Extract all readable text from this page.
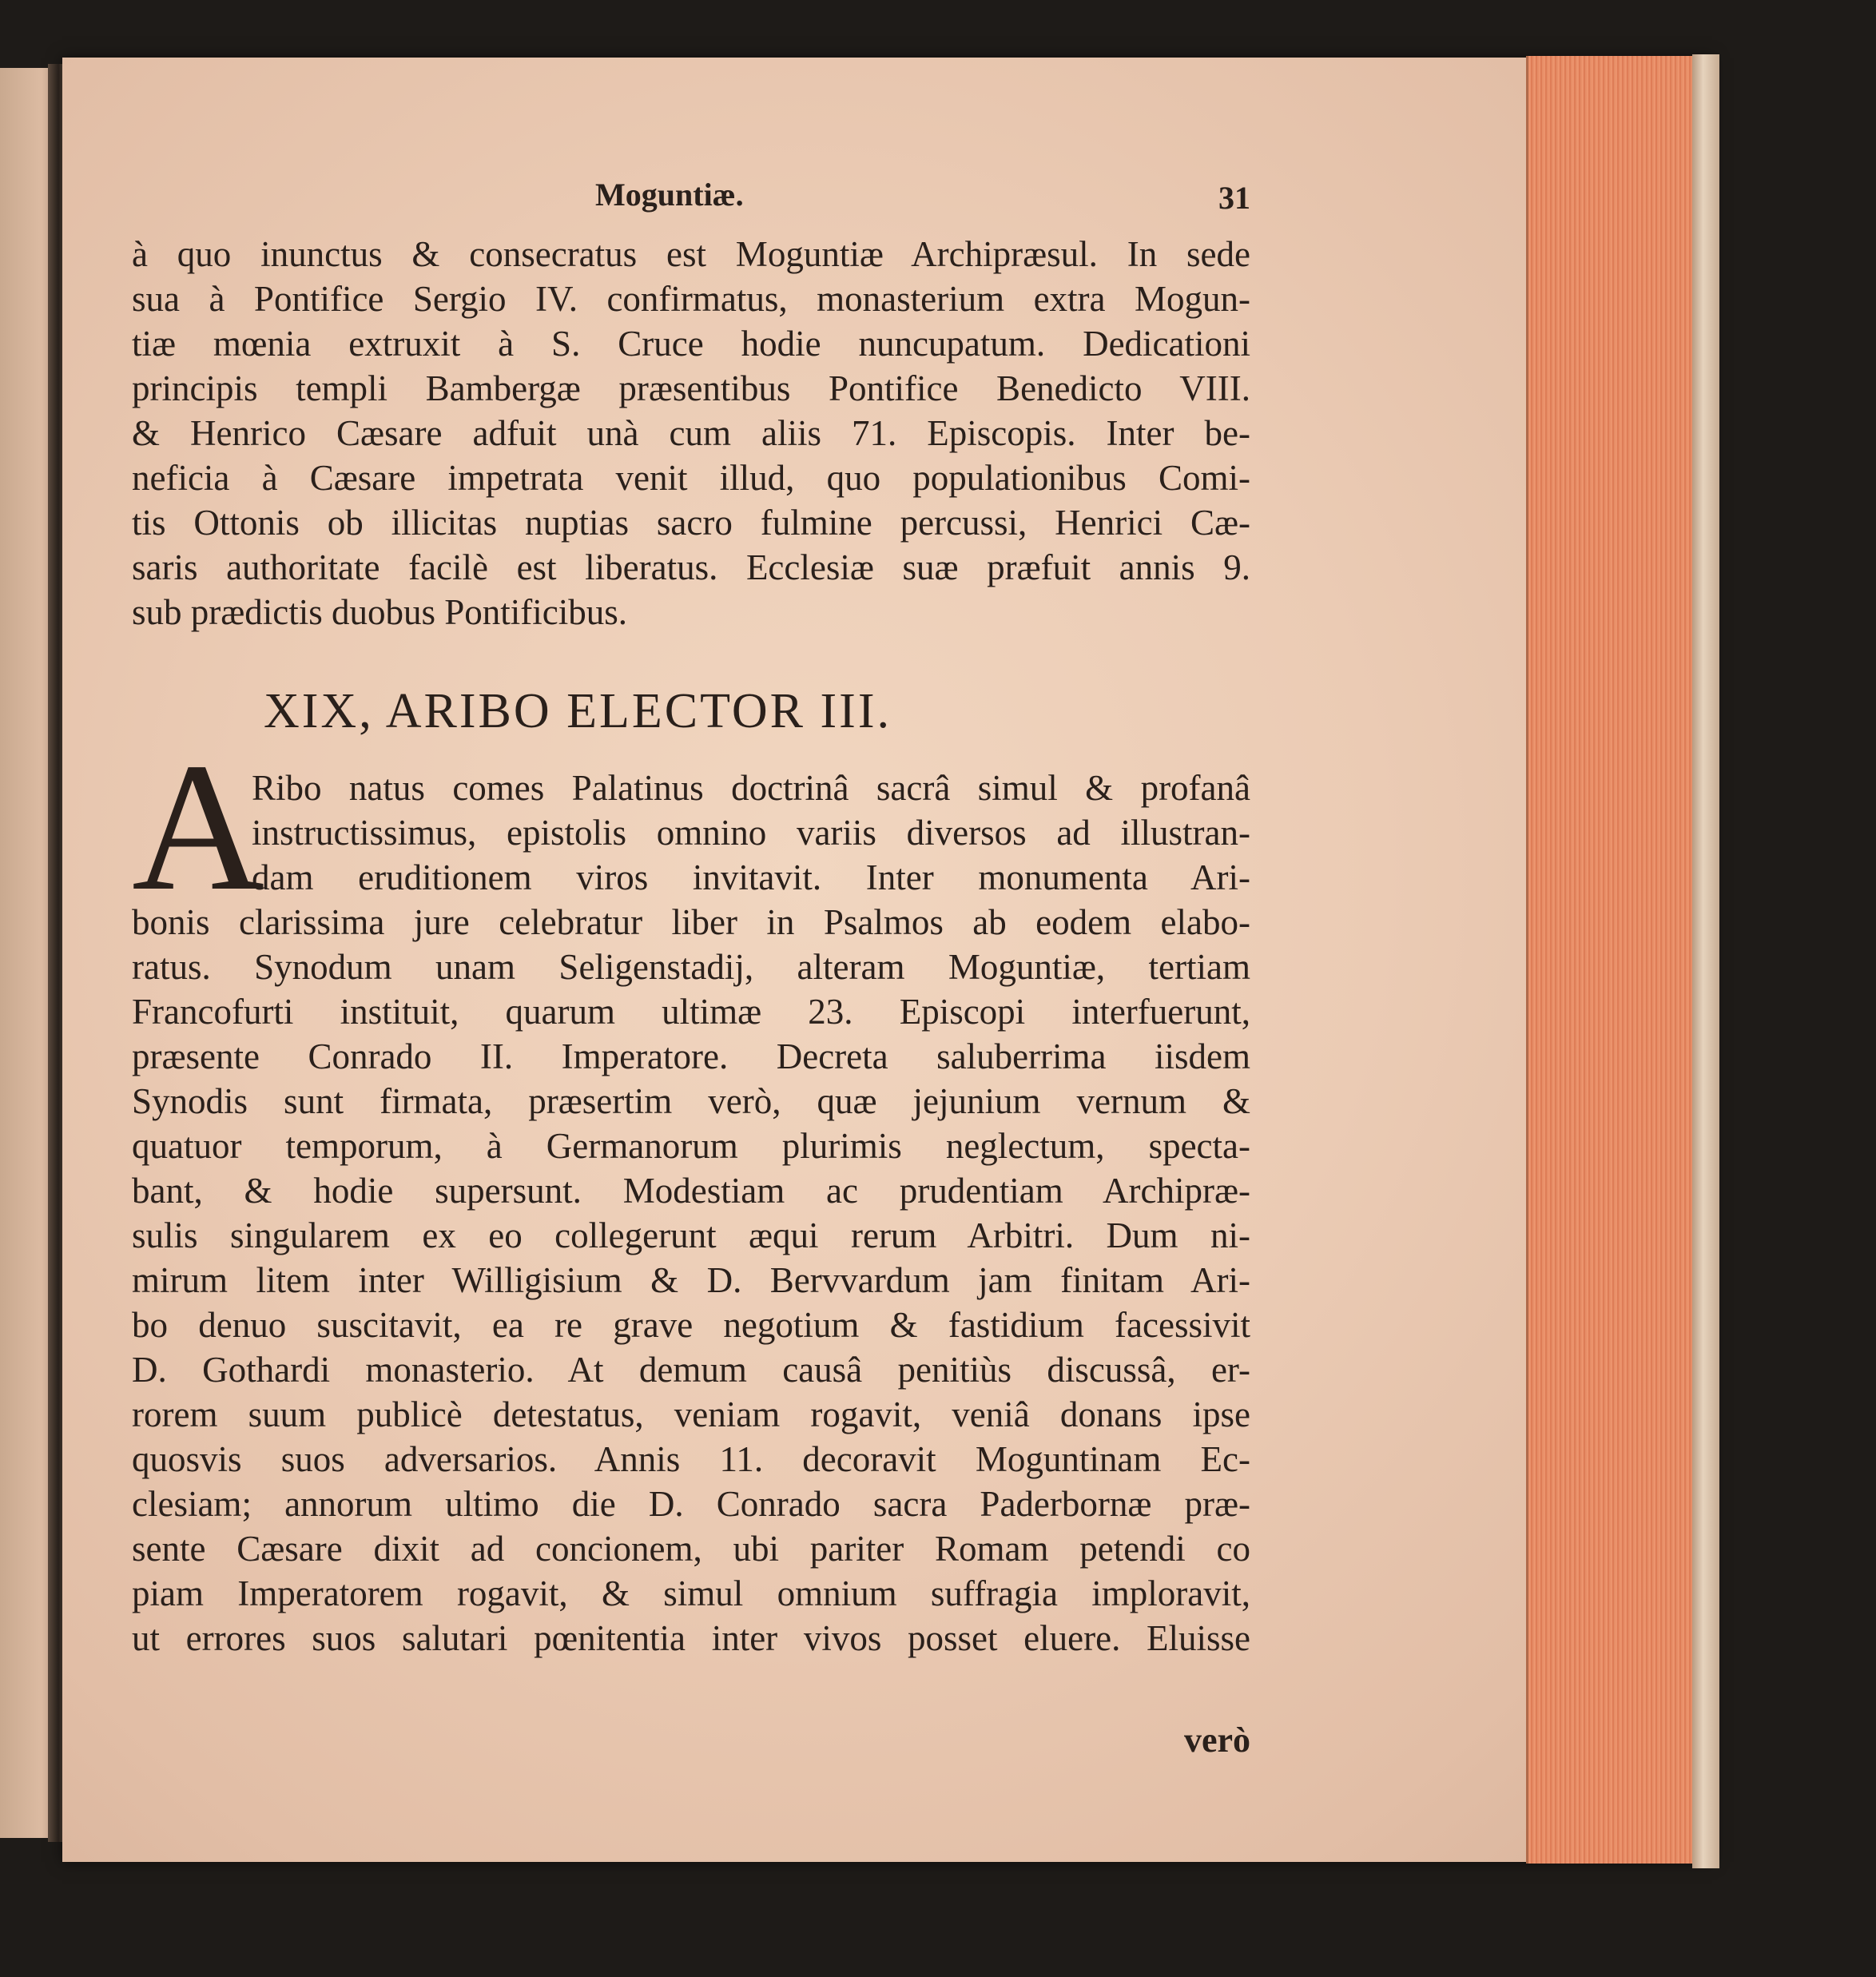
Moguntiæ.	31
à quo inunctus & consecratus est Moguntiæ Archipræsul. In sede
sua à Pontifice Sergio IV. confirmatus, monasterium extra Mogun-
tiæ mœnia extruxit à S. Cruce hodie nuncupatum. Dedicationi
principis templi Bambergæ præsentibus Pontifice Benedicto VIII.
& Henrico Cæsare adfuit unà cum aliis 71. Episcopis. Inter be-
neficia à Cæsare impetrata venit illud, quo populationibus Comi-
tis Ottonis ob illicitas nuptias sacro fulmine percussi, Henrici Cæ-
saris authoritate facilè est liberatus. Ecclesiæ suæ præfuit annis 9.
sub prædictis duobus Pontificibus.
XIX, ARIBO ELECTOR III.
A
Ribo natus comes Palatinus doctrinâ sacrâ simul & profanâ
instructissimus, epistolis omnino variis diversos ad illustran-
dam eruditionem viros invitavit. Inter monumenta Ari-
bonis clarissima jure celebratur liber in Psalmos ab eodem elabo-
ratus. Synodum unam Seligenstadij, alteram Moguntiæ, tertiam
Francofurti instituit, quarum ultimæ 23. Episcopi interfuerunt,
præsente Conrado II. Imperatore. Decreta saluberrima iisdem
Synodis sunt firmata, præsertim verò, quæ jejunium vernum &
quatuor temporum, à Germanorum plurimis neglectum, specta-
bant, & hodie supersunt. Modestiam ac prudentiam Archipræ-
sulis singularem ex eo collegerunt æqui rerum Arbitri. Dum ni-
mirum litem inter Willigisium & D. Bervvardum jam finitam Ari-
bo denuo suscitavit, ea re grave negotium & fastidium facessivit
D. Gothardi monasterio. At demum causâ penitiùs discussâ, er-
rorem suum publicè detestatus, veniam rogavit, veniâ donans ipse
quosvis suos adversarios. Annis 11. decoravit Moguntinam Ec-
clesiam; annorum ultimo die D. Conrado sacra Paderbornæ præ-
sente Cæsare dixit ad concionem, ubi pariter Romam petendi co
piam Imperatorem rogavit, & simul omnium suffragia imploravit,
ut errores suos salutari pœnitentia inter vivos posset eluere. Eluisse
verò
